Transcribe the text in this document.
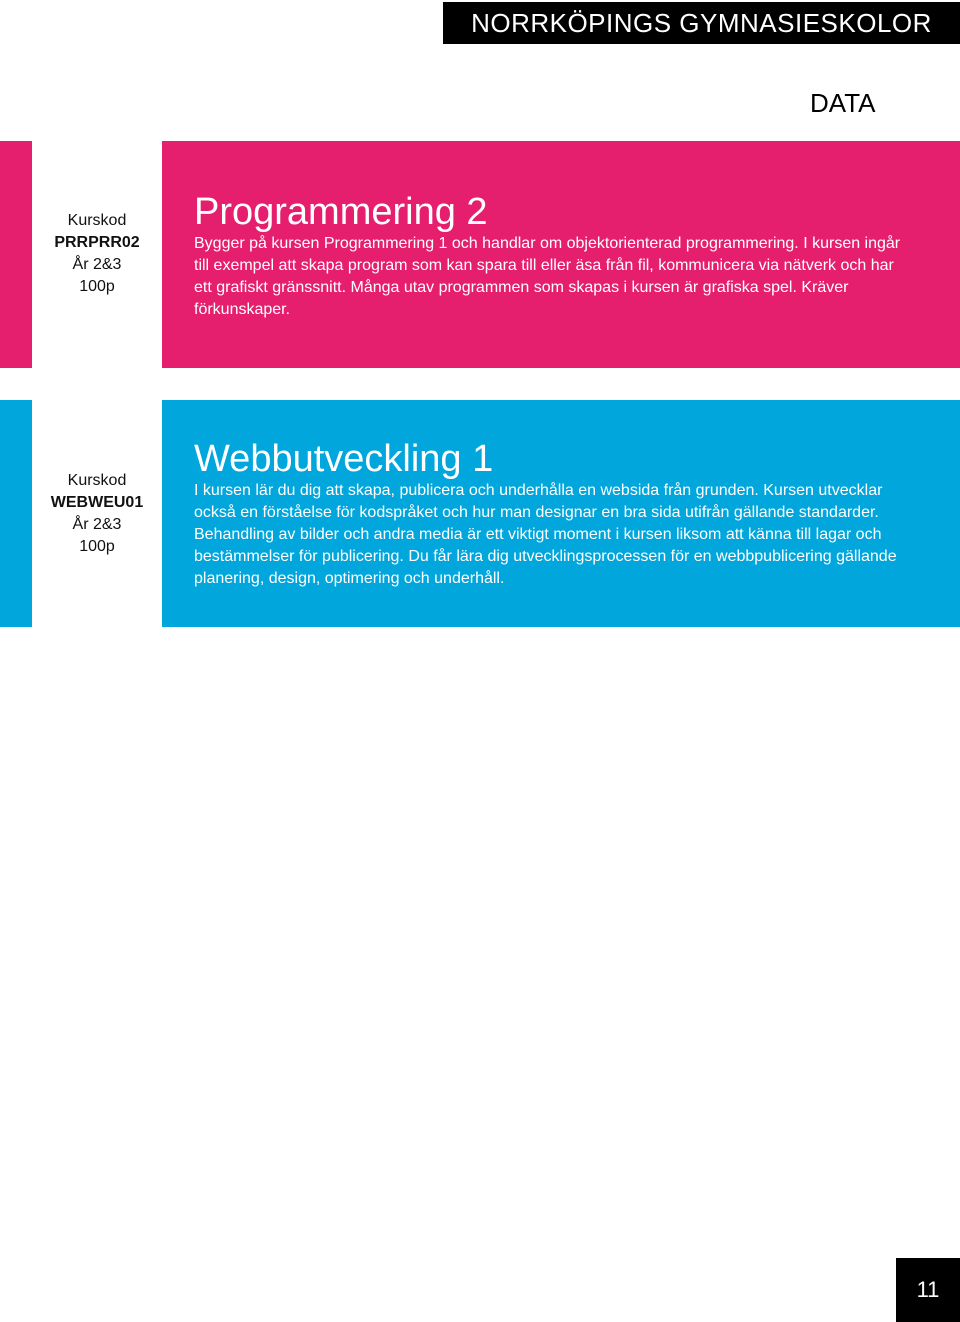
NORRKÖPINGS GYMNASIESKOLOR
DATA
Kurskod
PRRPRR02
År 2&3
100p
Programmering 2

Bygger på kursen Programmering 1 och handlar om objektorienterad programmering. I kursen ingår till exempel att skapa program som kan spara till eller äsa från fil, kommunicera via nätverk och har ett grafiskt gränssnitt. Många utav programmen som skapas i kursen är grafiska spel. Kräver förkunskaper.

Kurskod
WEBWEU01
År 2&3
100p
Webbutveckling 1

I kursen lär du dig att skapa, publicera och underhålla en websida från grunden. Kursen utvecklar också en förståelse för kodspråket och hur man designar en bra sida utifrån gällande standarder. Behandling av bilder och andra media är ett viktigt moment i kursen liksom att känna till lagar och bestämmelser för publicering. Du får lära dig utvecklingsprocessen för en webbpublicering gällande planering, design, optimering och underhåll.

11
